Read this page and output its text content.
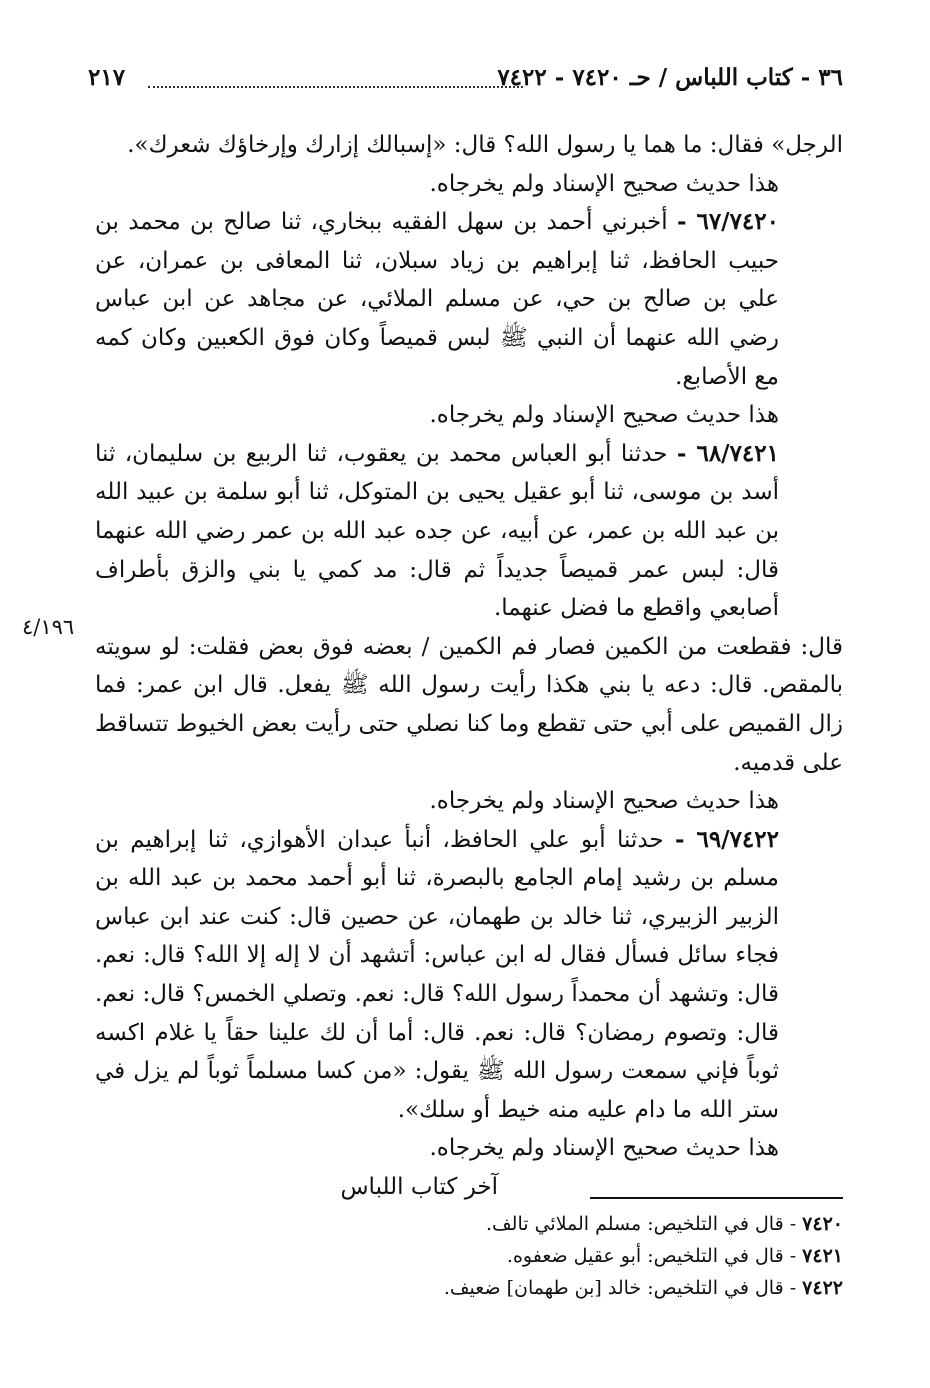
٣٦ - كتاب اللباس / حـ ٧٤٢٠ - ٧٤٢٢
٢١٧

الرجل» فقال: ما هما يا رسول الله؟ قال: «إسبالك إزارك وإرخاؤك شعرك».

هذا حديث صحيح الإسناد ولم يخرجاه.

٦٧/٧٤٢٠ - أخبرني أحمد بن سهل الفقيه ببخاري، ثنا صالح بن محمد بن حبيب الحافظ، ثنا إبراهيم بن زياد سبلان، ثنا المعافى بن عمران، عن علي بن صالح بن حي، عن مسلم الملائي، عن مجاهد عن ابن عباس رضي الله عنهما أن النبي ﷺ لبس قميصاً وكان فوق الكعبين وكان كمه مع الأصابع.

هذا حديث صحيح الإسناد ولم يخرجاه.

٦٨/٧٤٢١ - حدثنا أبو العباس محمد بن يعقوب، ثنا الربيع بن سليمان، ثنا أسد بن موسى، ثنا أبو عقيل يحيى بن المتوكل، ثنا أبو سلمة بن عبيد الله بن عبد الله بن عمر، عن أبيه، عن جده عبد الله بن عمر رضي الله عنهما قال: لبس عمر قميصاً جديداً ثم قال: مد كمي يا بني والزق بأطراف أصابعي واقطع ما فضل عنهما.

قال: فقطعت من الكمين فصار فم الكمين / بعضه فوق بعض فقلت: لو سويته بالمقص. قال: دعه يا بني هكذا رأيت رسول الله ﷺ يفعل. قال ابن عمر: فما زال القميص على أبي حتى تقطع وما كنا نصلي حتى رأيت بعض الخيوط تتساقط على قدميه.

هذا حديث صحيح الإسناد ولم يخرجاه.

٦٩/٧٤٢٢ - حدثنا أبو علي الحافظ، أنبأ عبدان الأهوازي، ثنا إبراهيم بن مسلم بن رشيد إمام الجامع بالبصرة، ثنا أبو أحمد محمد بن عبد الله بن الزبير الزبيري، ثنا خالد بن طهمان، عن حصين قال: كنت عند ابن عباس فجاء سائل فسأل فقال له ابن عباس: أتشهد أن لا إله إلا الله؟ قال: نعم. قال: وتشهد أن محمداً رسول الله؟ قال: نعم. وتصلي الخمس؟ قال: نعم. قال: وتصوم رمضان؟ قال: نعم. قال: أما أن لك علينا حقاً يا غلام اكسه ثوباً فإني سمعت رسول الله ﷺ يقول: «من كسا مسلماً ثوباً لم يزل في ستر الله ما دام عليه منه خيط أو سلك».

هذا حديث صحيح الإسناد ولم يخرجاه.

آخر كتاب اللباس

٤/١٩٦

٧٤٢٠ - قال في التلخيص: مسلم الملائي تالف.

٧٤٢١ - قال في التلخيص: أبو عقيل ضعفوه.

٧٤٢٢ - قال في التلخيص: خالد [بن طهمان] ضعيف.
